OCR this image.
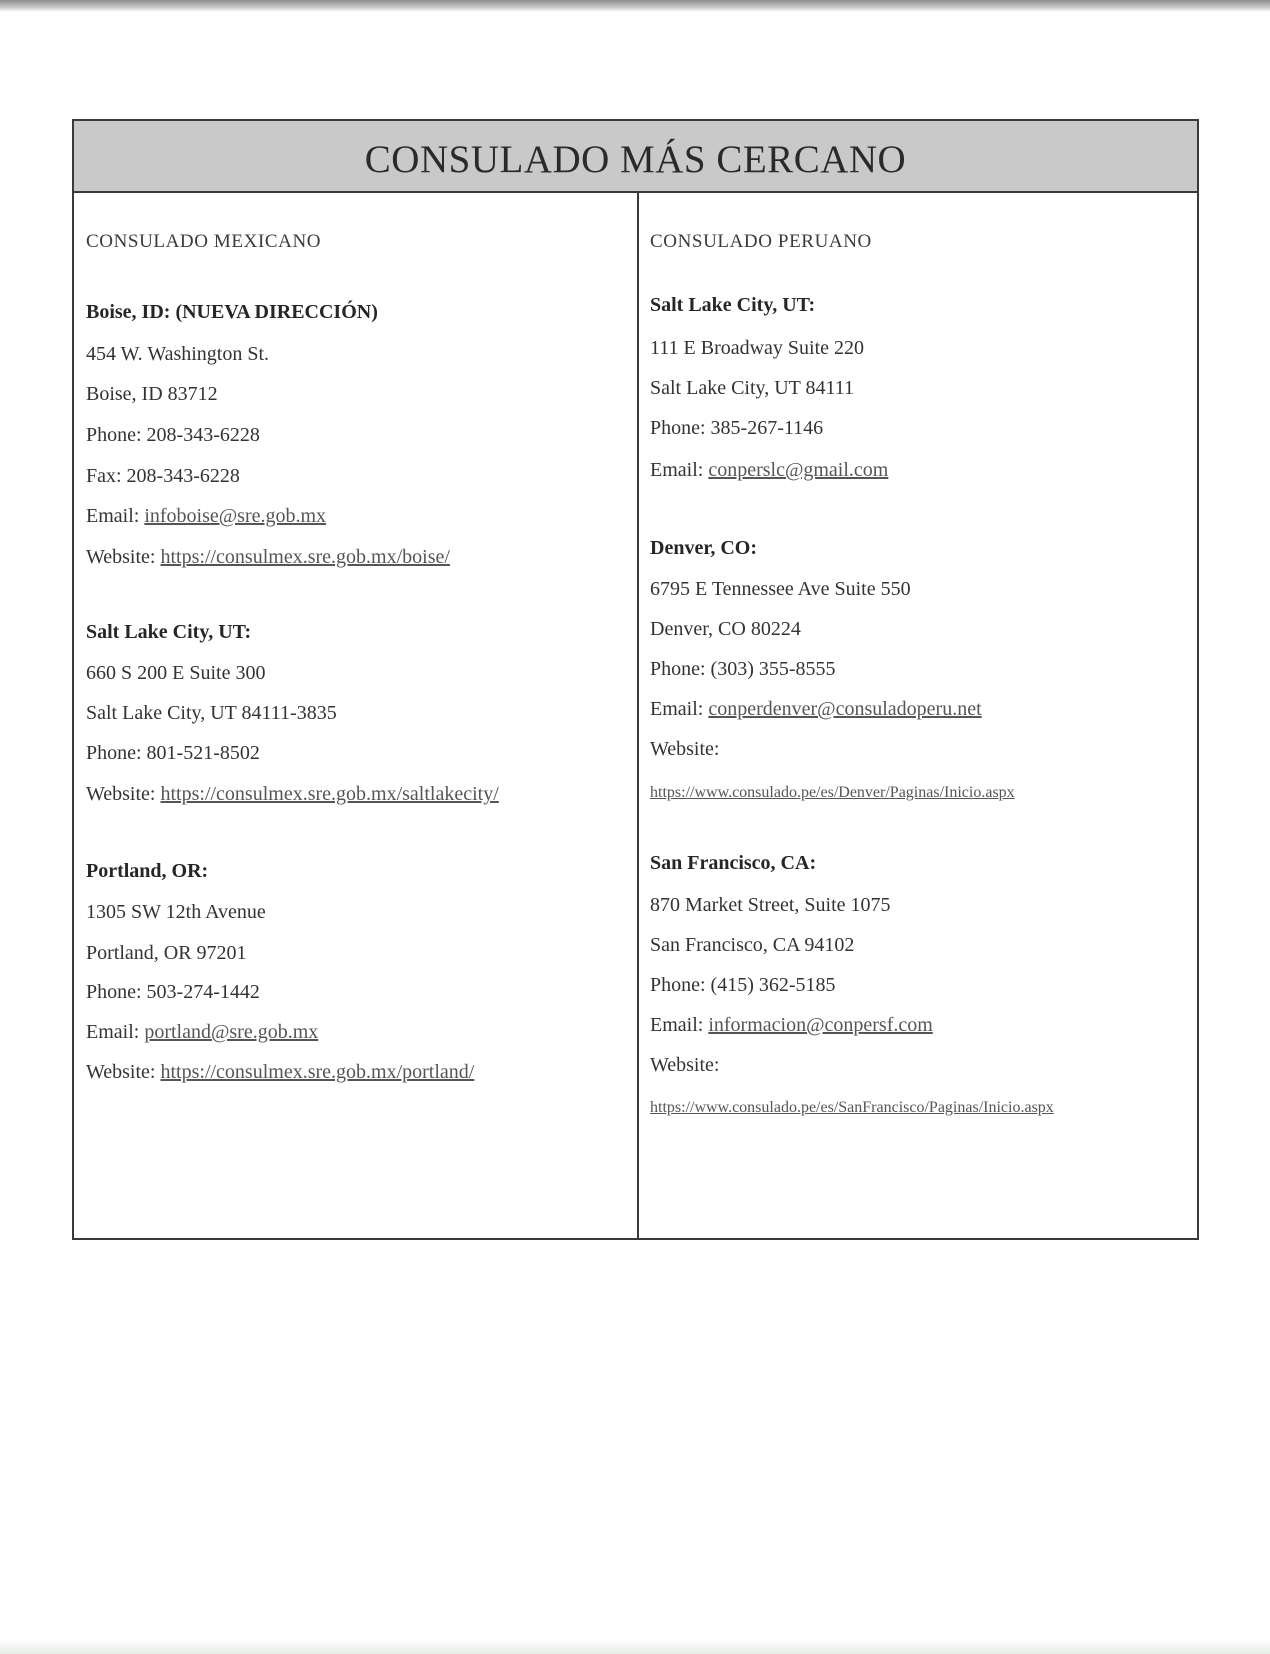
CONSULADO MÁS CERCANO
CONSULADO MEXICANO
Boise, ID: (NUEVA DIRECCIÓN)
454 W. Washington St.
Boise, ID 83712
Phone: 208-343-6228
Fax: 208-343-6228
Email: infoboise@sre.gob.mx
Website: https://consulmex.sre.gob.mx/boise/
Salt Lake City, UT:
660 S 200 E Suite 300
Salt Lake City, UT 84111-3835
Phone: 801-521-8502
Website: https://consulmex.sre.gob.mx/saltlakecity/
Portland, OR:
1305 SW 12th Avenue
Portland, OR 97201
Phone: 503-274-1442
Email: portland@sre.gob.mx
Website: https://consulmex.sre.gob.mx/portland/
CONSULADO PERUANO
Salt Lake City, UT:
111 E Broadway Suite 220
Salt Lake City, UT 84111
Phone: 385-267-1146
Email: conperslc@gmail.com
Denver, CO:
6795 E Tennessee Ave Suite 550
Denver, CO 80224
Phone: (303) 355-8555
Email: conperdenver@consuladoperu.net
Website:
https://www.consulado.pe/es/Denver/Paginas/Inicio.aspx
San Francisco, CA:
870 Market Street, Suite 1075
San Francisco, CA 94102
Phone: (415) 362-5185
Email: informacion@conpersf.com
Website:
https://www.consulado.pe/es/SanFrancisco/Paginas/Inicio.aspx
